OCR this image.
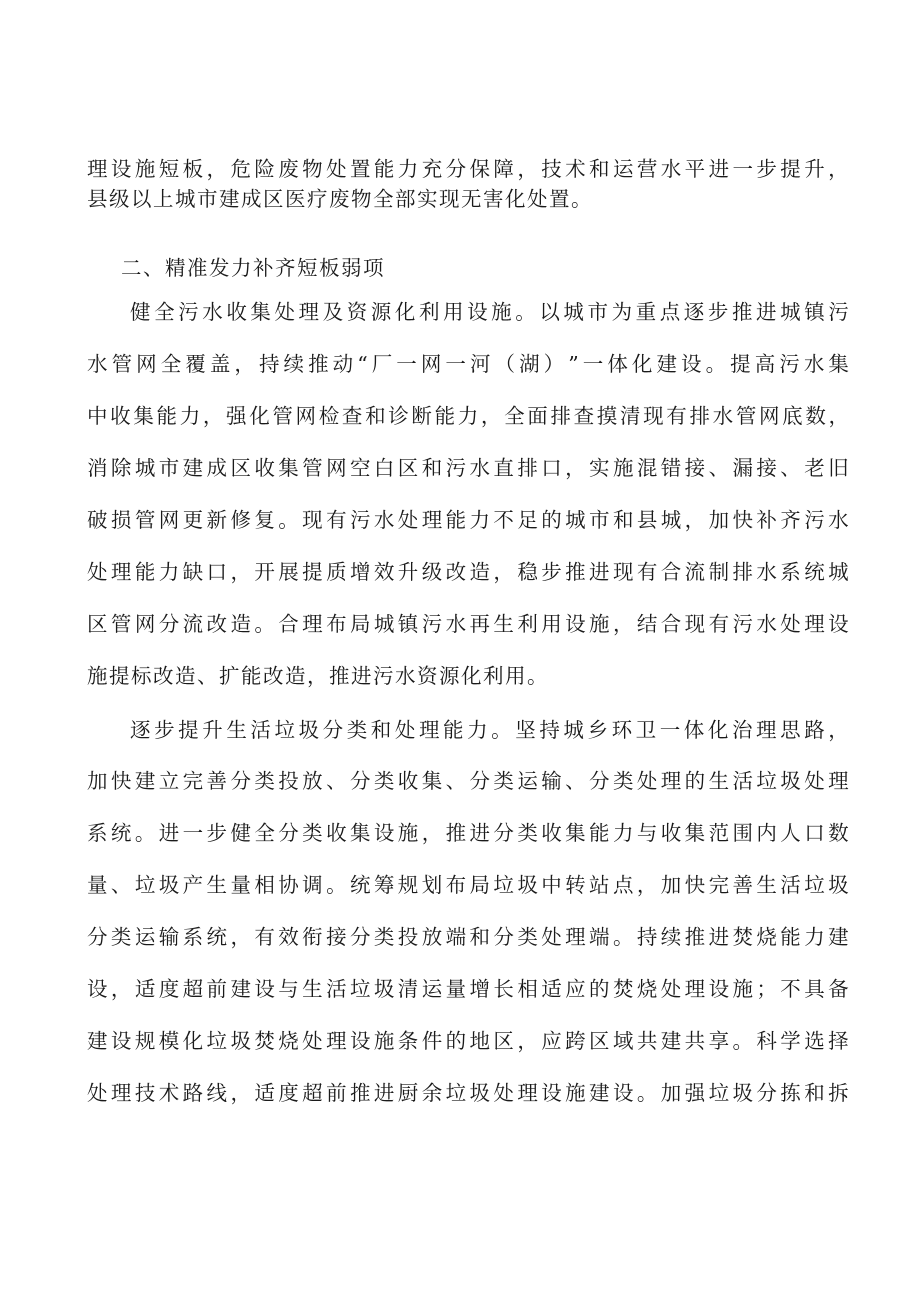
理 设 施 短 板 ， 危 险 废 物 处 置 能 力 充 分 保 障 ， 技 术 和 运 营 水 平 进 一 步 提 升 ，
县级以上城市建成区医疗废物全部实现无害化处置。
二、精准发力补齐短板弱项
健 全 污 水 收 集 处 理 及 资 源 化 利 用 设 施 。 以 城 市 为 重 点 逐 步 推 进 城 镇 污
水 管 网 全 覆 盖 ， 持 续 推 动 “ 厂 一 网 一 河 （ 湖 ） ” 一 体 化 建 设 。 提 高 污 水 集
中 收 集 能 力 ， 强 化 管 网 检 查 和 诊 断 能 力 ， 全 面 排 查 摸 清 现 有 排 水 管 网 底 数 ，
消 除 城 市 建 成 区 收 集 管 网 空 白 区 和 污 水 直 排 口 ， 实 施 混 错 接 、 漏 接 、 老 旧
破 损 管 网 更 新 修 复 。 现 有 污 水 处 理 能 力 不 足 的 城 市 和 县 城 ， 加 快 补 齐 污 水
处 理 能 力 缺 口 ， 开 展 提 质 增 效 升 级 改 造 ， 稳 步 推 进 现 有 合 流 制 排 水 系 统 城
区 管 网 分 流 改 造 。 合 理 布 局 城 镇 污 水 再 生 利 用 设 施 ， 结 合 现 有 污 水 处 理 设
施提标改造、扩能改造，推进污水资源化利用。
逐 步 提 升 生 活 垃 圾 分 类 和 处 理 能 力 。 坚 持 城 乡 环 卫 一 体 化 治 理 思 路 ，
加 快 建 立 完 善 分 类 投 放 、 分 类 收 集 、 分 类 运 输 、 分 类 处 理 的 生 活 垃 圾 处 理
系 统 。 进 一 步 健 全 分 类 收 集 设 施 ， 推 进 分 类 收 集 能 力 与 收 集 范 围 内 人 口 数
量 、 垃 圾 产 生 量 相 协 调 。 统 筹 规 划 布 局 垃 圾 中 转 站 点 ， 加 快 完 善 生 活 垃 圾
分 类 运 输 系 统 ， 有 效 衔 接 分 类 投 放 端 和 分 类 处 理 端 。 持 续 推 进 焚 烧 能 力 建
设 ， 适 度 超 前 建 设 与 生 活 垃 圾 清 运 量 增 长 相 适 应 的 焚 烧 处 理 设 施 ； 不 具 备
建 设 规 模 化 垃 圾 焚 烧 处 理 设 施 条 件 的 地 区 ， 应 跨 区 域 共 建 共 享 。 科 学 选 择
处 理 技 术 路 线 ， 适 度 超 前 推 进 厨 余 垃 圾 处 理 设 施 建 设 。 加 强 垃 圾 分 拣 和 拆
